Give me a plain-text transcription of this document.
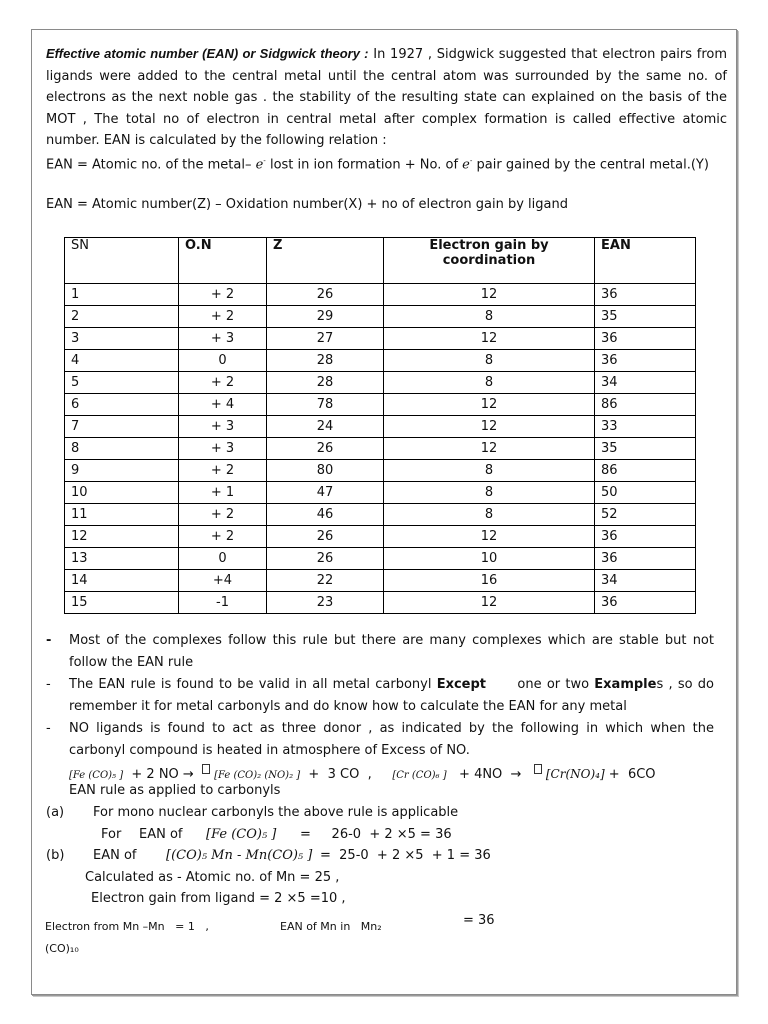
Effective atomic number (EAN) or Sidgwick theory : In 1927 , Sidgwick suggested that electron pairs from ligands were added to the central metal until the central atom was surrounded by the same no. of electrons as the next noble gas . the stability of the resulting state can explained on the basis of the MOT , The total no of electron in central metal after complex formation is called effective atomic number. EAN is calculated by the following relation :
EAN = Atomic no. of the metal– e- lost in ion formation + No. of e- pair gained by the central metal.(Y)
EAN = Atomic number(Z) – Oxidation number(X) + no of electron gain by ligand
SN	O.N	Z	Electron gain by coordination	EAN
1	+ 2	26	12	36
2	+ 2	29	8	35
3	+ 3	27	12	36
4	0	28	8	36
5	+ 2	28	8	34
6	+ 4	78	12	86
7	+ 3	24	12	33
8	+ 3	26	12	35
9	+ 2	80	8	86
10	+ 1	47	8	50
11	+ 2	46	8	52
12	+ 2	26	12	36
13	0	26	10	36
14	+4	22	16	34
15	-1	23	12	36
- Most of the complexes follow this rule but there are many complexes which are stable but not follow the EAN rule
- The EAN rule is found to be valid in all metal carbonyl Except      one or two Examples , so do remember it for metal carbonyls and do know how to calculate the EAN for any metal
- NO ligands is found to act as three donor , as indicated by the following in which when the carbonyl compound is heated in atmosphere of Excess of NO.
[Fe (CO)₅ ]  + 2 NO →  [Fe (CO)₂ (NO)₂ ]  +  3 CO  ,     [Cr (CO)₆ ]   + 4NO  →   [Cr(NO)₄] +  6CO
EAN rule as applied to carbonyls
(a) For mono nuclear carbonyls the above rule is applicable
For EAN of [Fe (CO)₅ ] =     26-0  + 2 ×5 = 36
(b) EAN of [(CO)₅ Mn - Mn(CO)₅ ] =  25-0  + 2 ×5  + 1 = 36
Calculated as - Atomic no. of Mn = 25 ,
Electron gain from ligand = 2 ×5 =10 ,
Electron from Mn –Mn   = 1   ,	EAN of Mn in   Mn₂	= 36
(CO)₁₀
